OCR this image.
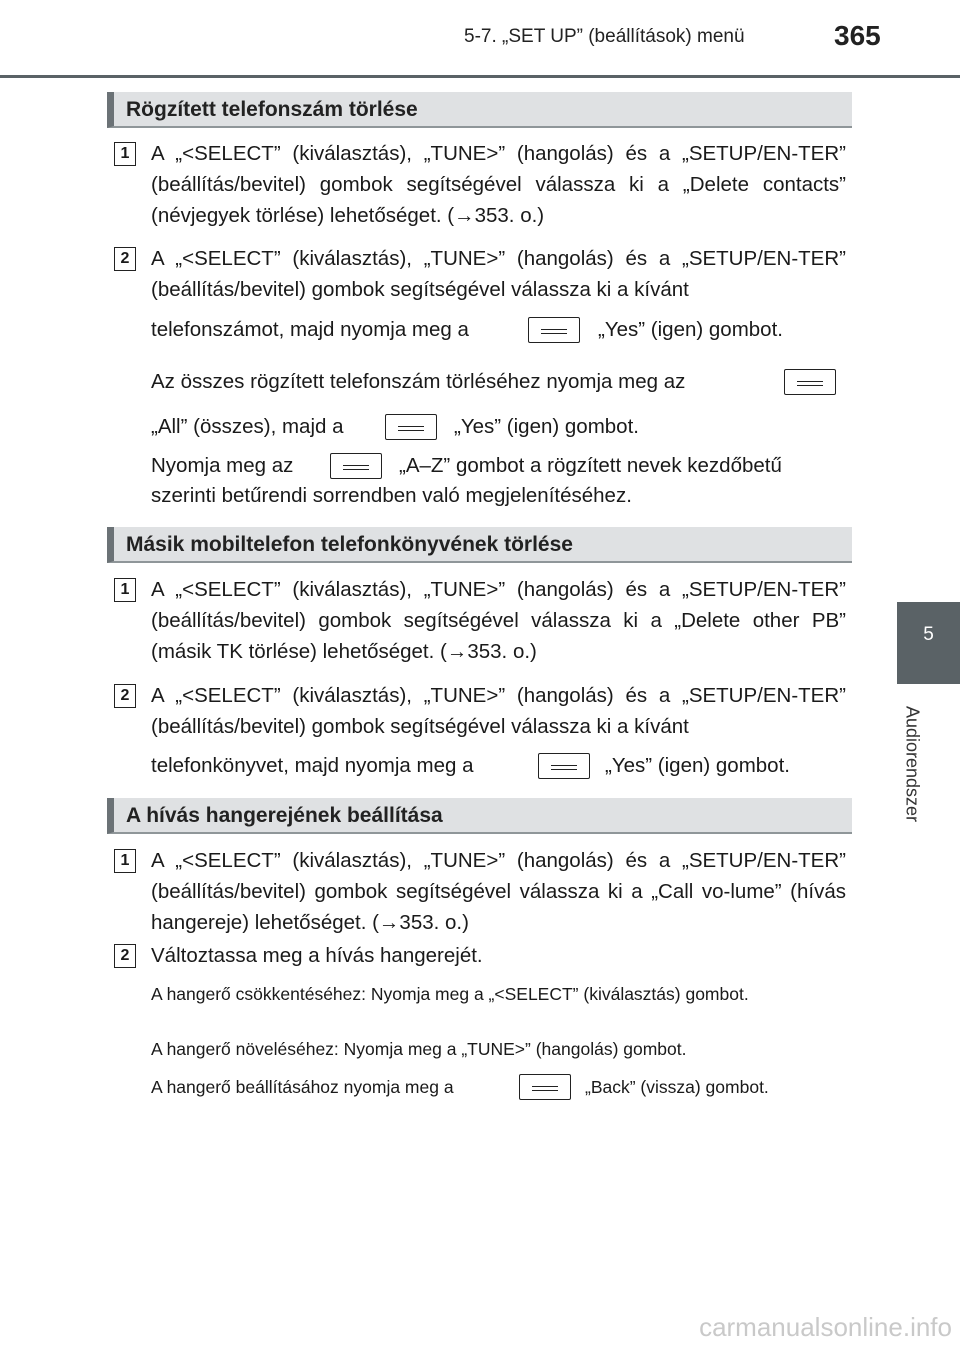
5-7. „SET UP” (beállítások) menü	365
5
Audiorendszer
Rögzített telefonszám törlése
1	A „<SELECT” (kiválasztás), „TUNE>” (hangolás) és a „SETUP/EN-TER” (beállítás/bevitel) gombok segítségével válassza ki a „Delete contacts” (névjegyek törlése) lehetőséget. (→353. o.)
2	A „<SELECT” (kiválasztás), „TUNE>” (hangolás) és a „SETUP/EN-TER” (beállítás/bevitel) gombok segítségével válassza ki a kívánt
telefonszámot, majd nyomja meg a	„Yes” (igen) gombot.
Az összes rögzített telefonszám törléséhez nyomja meg az
„All” (összes), majd a	„Yes” (igen) gombot.
Nyomja meg az	„A–Z” gombot a rögzített nevek kezdőbetű
szerinti betűrendi sorrendben való megjelenítéséhez.
Másik mobiltelefon telefonkönyvének törlése
1	A „<SELECT” (kiválasztás), „TUNE>” (hangolás) és a „SETUP/EN-TER” (beállítás/bevitel) gombok segítségével válassza ki a „Delete other PB” (másik TK törlése) lehetőséget. (→353. o.)
2	A „<SELECT” (kiválasztás), „TUNE>” (hangolás) és a „SETUP/EN-TER” (beállítás/bevitel) gombok segítségével válassza ki a kívánt
telefonkönyvet, majd nyomja meg a	„Yes” (igen) gombot.
A hívás hangerejének beállítása
1	A „<SELECT” (kiválasztás), „TUNE>” (hangolás) és a „SETUP/EN-TER” (beállítás/bevitel) gombok segítségével válassza ki a „Call vo-lume” (hívás hangereje) lehetőséget. (→353. o.)
2	Változtassa meg a hívás hangerejét.
A hangerő csökkentéséhez: Nyomja meg a „<SELECT” (kiválasztás) gombot.
A hangerő növeléséhez: Nyomja meg a „TUNE>” (hangolás) gombot.
A hangerő beállításához nyomja meg a	„Back” (vissza) gombot.
carmanualsonline.info
